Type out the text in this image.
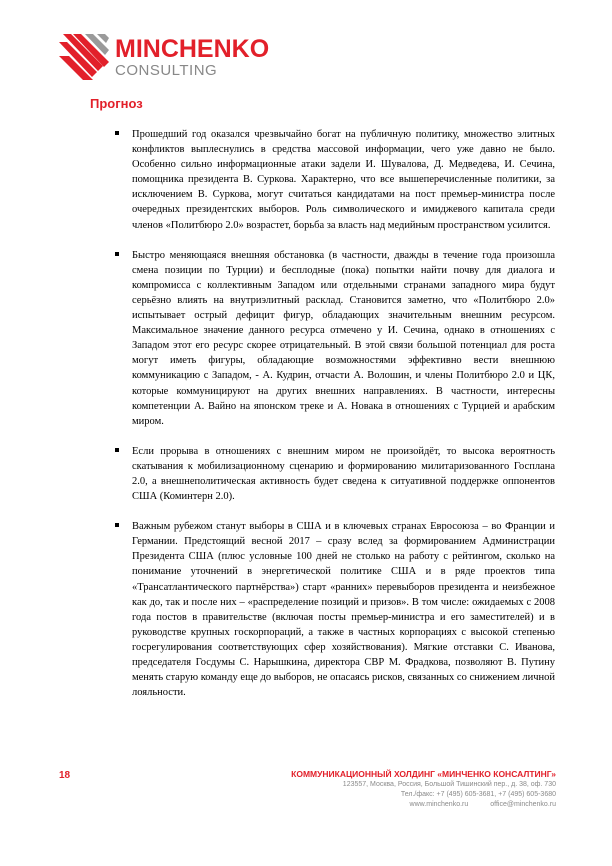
MINCHENKO
CONSULTING
Прогноз

Прошедший год оказался чрезвычайно богат на публичную политику, множество элитных конфликтов выплеснулись в средства массовой информации, чего уже давно не было. Особенно сильно информационные атаки задели И. Шувалова, Д. Медведева, И. Сечина, помощника президента В. Суркова. Характерно, что все вышеперечисленные политики, за исключением В. Суркова, могут считаться кандидатами на пост премьер-министра после очередных президентских выборов. Роль символического и имиджевого капитала среди членов «Политбюро 2.0» возрастет, борьба за власть над медийным пространством усилится.

Быстро меняющаяся внешняя обстановка (в частности, дважды в течение года произошла смена позиции по Турции) и бесплодные (пока) попытки найти почву для диалога и компромисса с коллективным Западом или отдельными странами западного мира будут серьёзно влиять на внутриэлитный расклад. Становится заметно, что «Политбюро 2.0» испытывает острый дефицит фигур, обладающих значительным внешним ресурсом. Максимальное значение данного ресурса отмечено у И. Сечина, однако в отношениях с Западом этот его ресурс скорее отрицательный. В этой связи большой потенциал для роста могут иметь фигуры, обладающие возможностями эффективно вести внешнюю коммуникацию с Западом, - А. Кудрин, отчасти А. Волошин, и члены Политбюро 2.0 и ЦК, которые коммуницируют на других внешних направлениях. В частности, интересны компетенции А. Вайно на японском треке и А. Новака в отношениях с Турцией и арабским миром.

Если прорыва в отношениях с внешним миром не произойдёт, то высока вероятность скатывания к мобилизационному сценарию и формированию милитаризованного Госплана 2.0, а внешнеполитическая активность будет сведена к ситуативной поддержке оппонентов США (Коминтерн 2.0).

Важным рубежом станут выборы в США и в ключевых странах Евросоюза – во Франции и Германии. Предстоящий весной 2017 – сразу вслед за формированием Администрации Президента США (плюс условные 100 дней не столько на работу с рейтингом, сколько на понимание уточнений в энергетической политике США и в ряде проектов типа «Трансатлантического партнёрства») старт «ранних» перевыборов президента и неизбежное как до, так и после них – «распределение позиций и призов». В том числе: ожидаемых с 2008 года постов в правительстве (включая посты премьер-министра и его заместителей) и в руководстве крупных госкорпораций, а также в частных корпорациях с высокой степенью госрегулирования соответствующих сфер хозяйствования). Мягкие отставки С. Иванова, председателя Госдумы С. Нарышкина, директора СВР М. Фрадкова, позволяют В. Путину менять старую команду еще до выборов, не опасаясь рисков, связанных со снижением личной лояльности.

18	КОММУНИКАЦИОННЫЙ ХОЛДИНГ «МИНЧЕНКО КОНСАЛТИНГ»
123557, Москва, Россия, Большой Тишинский пер., д. 38, оф. 730
Тел./факс: +7 (495) 605-3681, +7 (495) 605-3680
www.minchenko.ru	office@minchenko.ru
